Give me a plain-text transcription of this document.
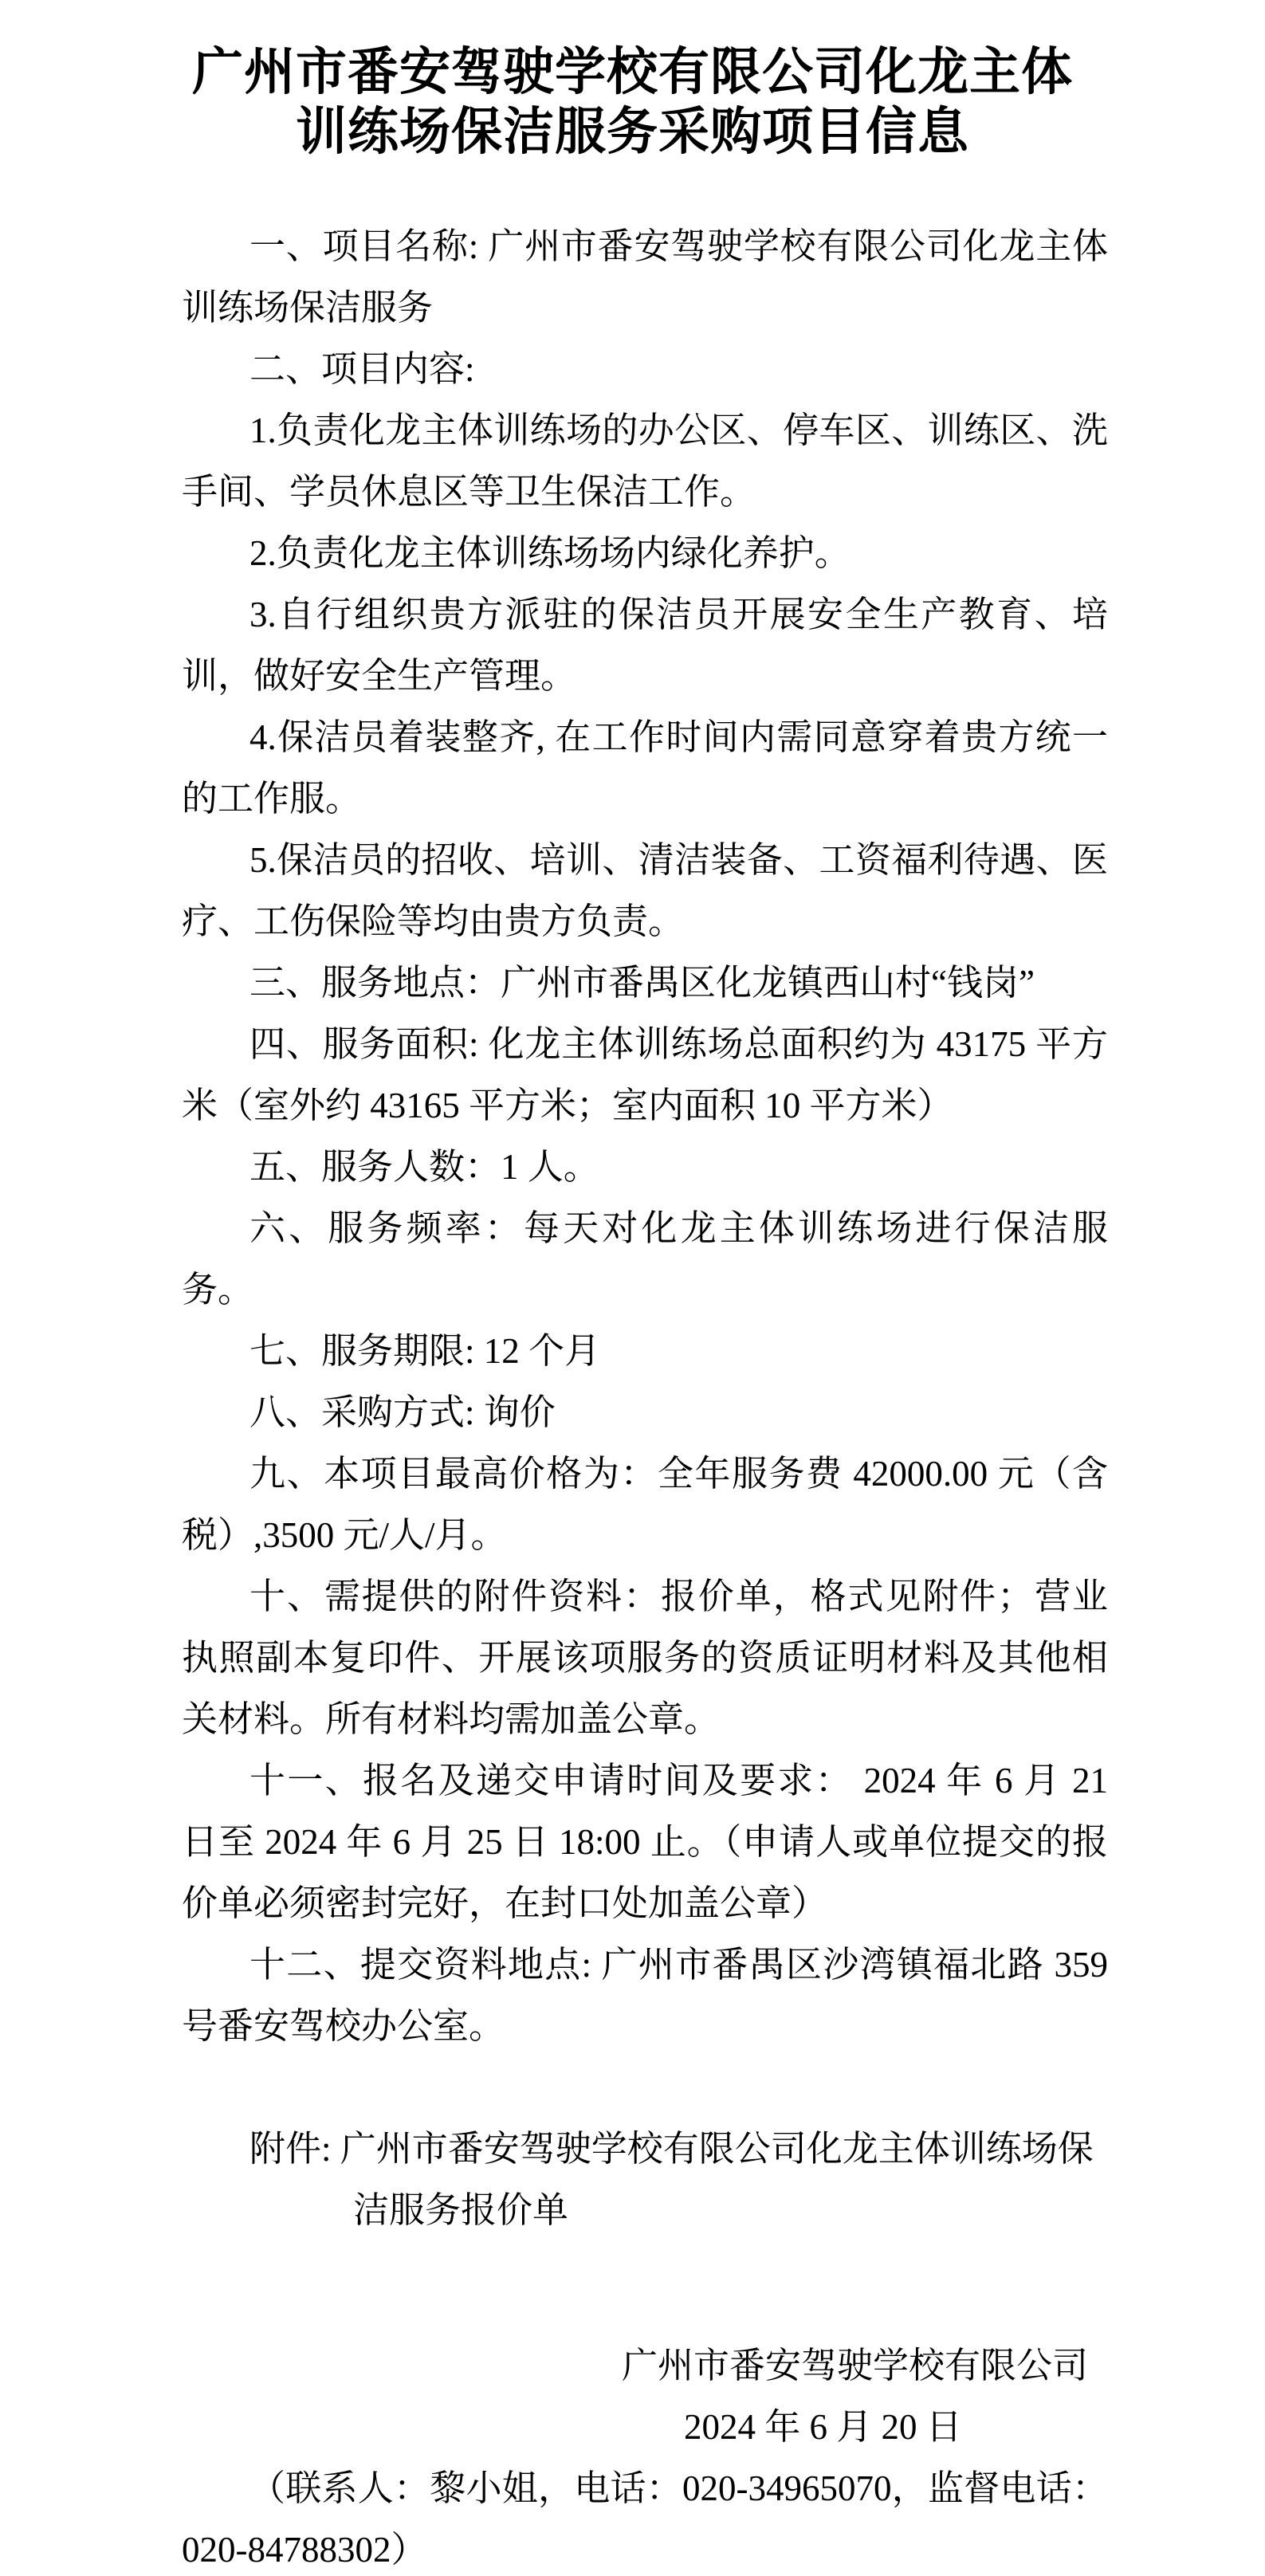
广州市番安驾驶学校有限公司化龙主体
训练场保洁服务采购项目信息

一、项目名称: 广州市番安驾驶学校有限公司化龙主体训练场保洁服务

二、项目内容:

1.负责化龙主体训练场的办公区、停车区、训练区、洗手间、学员休息区等卫生保洁工作。

2.负责化龙主体训练场场内绿化养护。

3.自行组织贵方派驻的保洁员开展安全生产教育、培训，做好安全生产管理。

4.保洁员着装整齐, 在工作时间内需同意穿着贵方统一的工作服。

5.保洁员的招收、培训、清洁装备、工资福利待遇、医疗、工伤保险等均由贵方负责。

三、服务地点：广州市番禺区化龙镇西山村“钱岗”

四、服务面积: 化龙主体训练场总面积约为 43175 平方米（室外约 43165 平方米；室内面积 10 平方米）

五、服务人数：1 人。

六、服务频率：每天对化龙主体训练场进行保洁服务。

七、服务期限: 12 个月

八、采购方式: 询价

九、本项目最高价格为：全年服务费 42000.00 元（含税）,3500 元/人/月。

十、需提供的附件资料：报价单，格式见附件；营业执照副本复印件、开展该项服务的资质证明材料及其他相关材料。所有材料均需加盖公章。

十一、报名及递交申请时间及要求： 2024 年 6 月 21 日至 2024 年 6 月 25 日 18:00 止。（申请人或单位提交的报价单必须密封完好，在封口处加盖公章）

十二、提交资料地点: 广州市番禺区沙湾镇福北路 359 号番安驾校办公室。

附件: 广州市番安驾驶学校有限公司化龙主体训练场保洁服务报价单

广州市番安驾驶学校有限公司
2024 年 6 月 20 日
（联系人：黎小姐，电话：020-34965070，监督电话：020-84788302）
